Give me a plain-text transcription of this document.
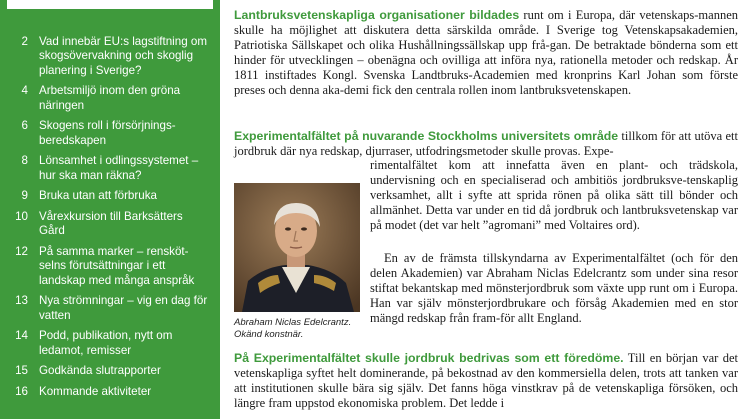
2 Vad innebär EU:s lagstiftning om skogsövervakning och skoglig planering i Sverige?
4 Arbetsmiljö inom den gröna näringen
6 Skogens roll i försörjnings-beredskapen
8 Lönsamhet i odlingssystemet – hur ska man räkna?
9 Bruka utan att förbruka
10 Vårexkursion till Barksätters Gård
12 På samma marker – rensköt-selns förutsättningar i ett landskap med många anspråk
13 Nya strömningar – vig en dag för vatten
14 Podd, publikation, nytt om ledamot, remisser
15 Godkända slutrapporter
16 Kommande aktiviteter

Lantbruksvetenskapliga organisationer bildades runt om i Europa, där vetenskaps-mannen skulle ha möjlighet att diskutera detta särskilda område. I Sverige tog Vetenskapsakademien, Patriotiska Sällskapet och olika Hushållningssällskap upp frå-gan. De betraktade bönderna som ett hinder för utvecklingen – obenägna och ovilliga att införa nya, rationella metoder och redskap. År 1811 instiftades Kongl. Svenska Landtbruks-Academien med kronprins Karl Johan som förste preses och denna aka-demi fick den centrala rollen inom lantbruksvetenskapen.

Experimentalfältet på nuvarande Stockholms universitets område tillkom för att utöva ett jordbruk där nya redskap, djurraser, utfodringsmetoder skulle provas. Expe-

rimentalfältet kom att innefatta även en plant- och trädskola, undervisning och en specialiserad och ambitiös jordbruksve-tenskaplig verksamhet, allt i syfte att sprida rönen på olika sätt till bönder och allmänhet. Detta var under en tid då jordbruk och lantbruksvetenskap var på modet (det var helt ”agromani” med Voltaires ord).

En av de främsta tillskyndarna av Experimentalfältet (och för den delen Akademien) var Abraham Niclas Edelcrantz som under sina resor stiftat bekantskap med mönsterjordbruk som växte upp runt om i Europa. Han var själv mönsterjordbrukare och försåg Akademien med en stor mängd redskap från fram-för allt England.

Abraham Niclas Edelcrantz.
Okänd konstnär.

På Experimentalfältet skulle jordbruk bedrivas som ett föredöme. Till en början var det vetenskapliga syftet helt dominerande, på bekostnad av den kommersiella delen, trots att tanken var att institutionen skulle bära sig själv. Det fanns höga vinstkrav på de vetenskapliga försöken, och längre fram uppstod ekonomiska problem. Det ledde i
